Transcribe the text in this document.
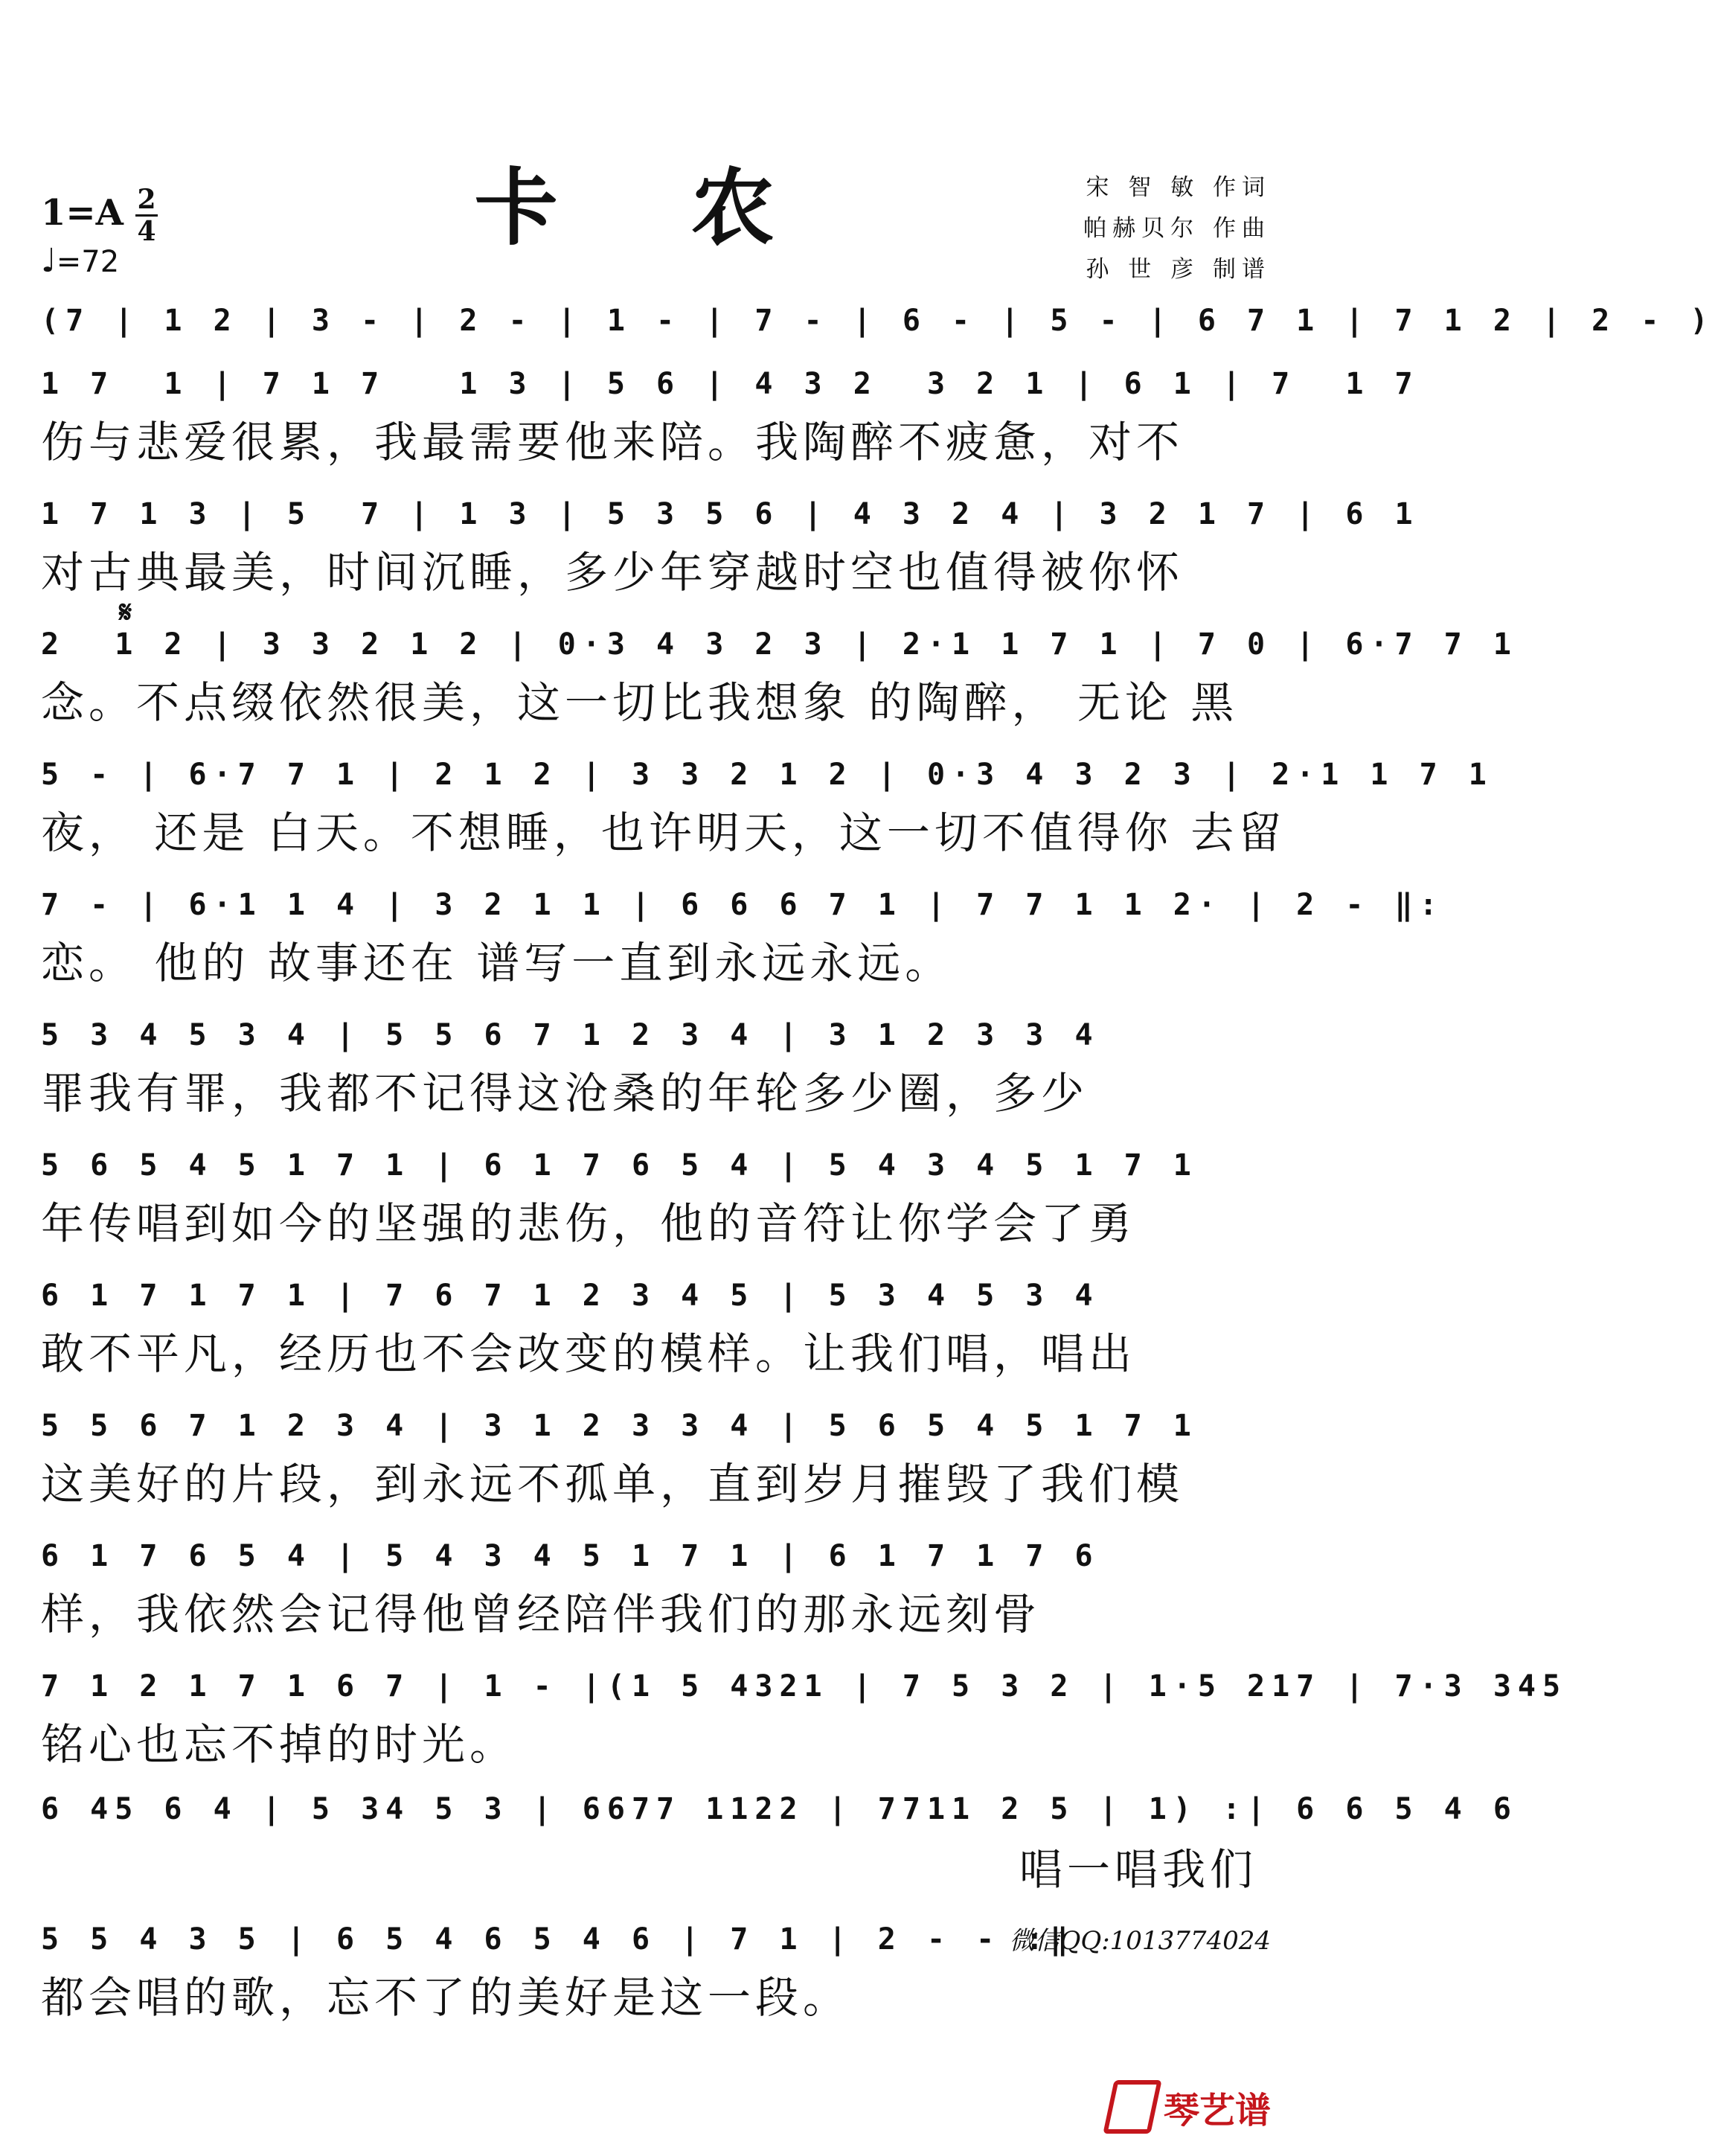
卡 农	宋 智 敏 作词
帕赫贝尔 作曲
孙 世 彦 制谱
1=A 2
4
♩=72
𝄋
(7 | 1 2 | 3 - | 2 - | 1 - | 7 - | 6 - | 5 - | 6 7 1 | 7 1 2 | 2 - )
1 7  1 | 7 1 7   1 3 | 5 6 | 4 3 2  3 2 1 | 6 1 | 7  1 7
伤与悲爱很累，我最需要他来陪。我陶醉不疲惫，对不
1 7 1 3 | 5  7 | 1 3 | 5 3 5 6 | 4 3 2 4 | 3 2 1 7 | 6 1
对古典最美，时间沉睡，多少年穿越时空也值得被你怀
2  1 2 | 3 3 2 1 2 | 0·3 4 3 2 3 | 2·1 1 7 1 | 7 0 | 6·7 7 1
念。不点缀依然很美，这一切比我想象 的陶醉， 无论 黑
5 - | 6·7 7 1 | 2 1 2 | 3 3 2 1 2 | 0·3 4 3 2 3 | 2·1 1 7 1
夜， 还是 白天。不想睡，也许明天，这一切不值得你 去留
7 - | 6·1 1 4 | 3 2 1 1 | 6 6 6 7 1 | 7 7 1 1 2· | 2 - ‖:
恋。 他的 故事还在 谱写一直到永远永远。
5 3 4 5 3 4 | 5 5 6 7 1 2 3 4 | 3 1 2 3 3 4
罪我有罪，我都不记得这沧桑的年轮多少圈，多少
5 6 5 4 5 1 7 1 | 6 1 7 6 5 4 | 5 4 3 4 5 1 7 1
年传唱到如今的坚强的悲伤，他的音符让你学会了勇
6 1 7 1 7 1 | 7 6 7 1 2 3 4 5 | 5 3 4 5 3 4
敢不平凡，经历也不会改变的模样。让我们唱，唱出
5 5 6 7 1 2 3 4 | 3 1 2 3 3 4 | 5 6 5 4 5 1 7 1
这美好的片段，到永远不孤单，直到岁月摧毁了我们模
6 1 7 6 5 4 | 5 4 3 4 5 1 7 1 | 6 1 7 1 7 6
样，我依然会记得他曾经陪伴我们的那永远刻骨
7 1 2 1 7 1 6 7 | 1 - |(1 5 4321 | 7 5 3 2 | 1·5 217 | 7·3 345
铭心也忘不掉的时光。
6 45 6 4 | 5 34 5 3 | 6677 1122 | 7711 2 5 | 1) :| 6 6 5 4 6
唱一唱我们
5 5 4 3 5 | 6 5 4 6 5 4 6 | 7 1 | 2 - - :‖
都会唱的歌，忘不了的美好是这一段。
微信QQ:1013774024
琴艺谱
